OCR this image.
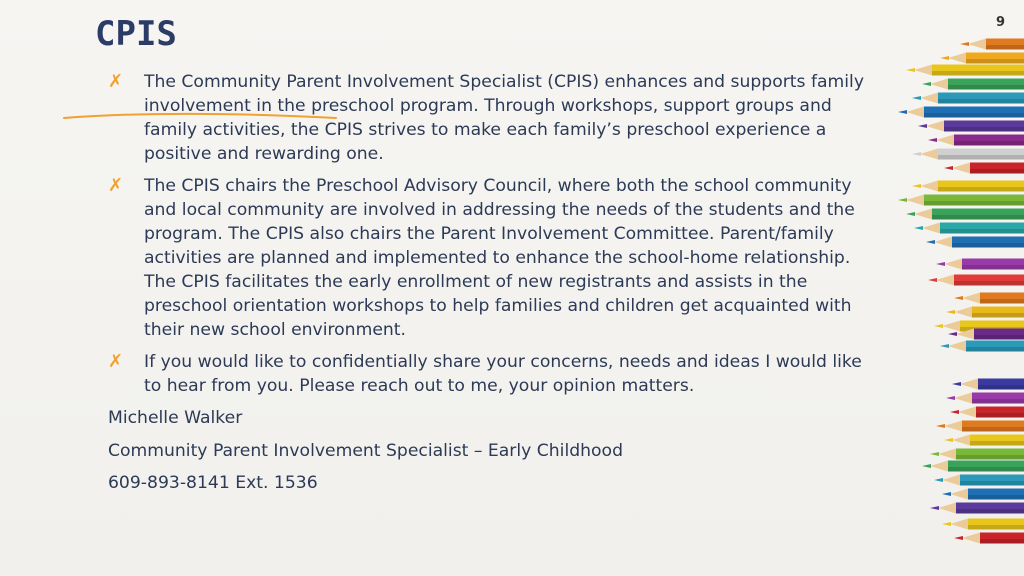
CPIS	9
✗ The Community Parent Involvement Specialist (CPIS) enhances and supports family involvement in the preschool program. Through workshops, support groups and family activities, the CPIS strives to make each family’s preschool experience a positive and rewarding one.
✗ The CPIS chairs the Preschool Advisory Council, where both the school community and local community are involved in addressing the needs of the students and the program. The CPIS also chairs the Parent Involvement Committee. Parent/family activities are planned and implemented to enhance the school-home relationship. The CPIS facilitates the early enrollment of new registrants and assists in the preschool orientation workshops to help families and children get acquainted with their new school environment.
✗ If you would like to confidentially share your concerns, needs and ideas I would like to hear from you. Please reach out to me, your opinion matters.
Michelle Walker
Community Parent Involvement Specialist – Early Childhood
609-893-8141 Ext. 1536
